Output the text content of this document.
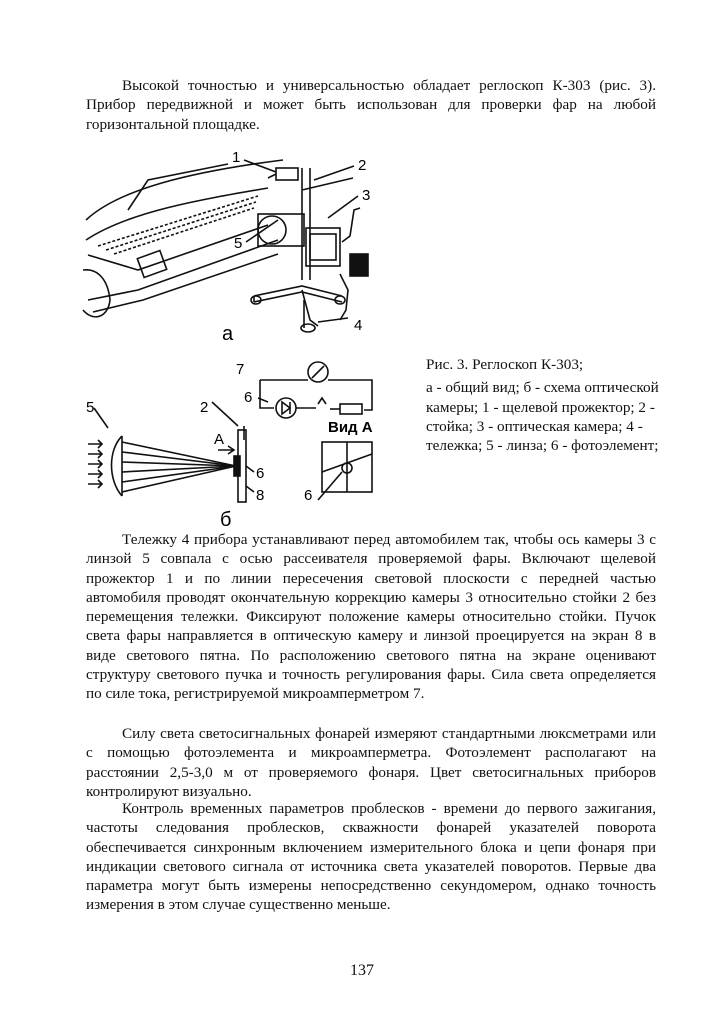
Высокой точностью и универсальностью обладает реглоскоп К-303 (рис. 3). Прибор передвижной и может быть использован для проверки фар на любой горизонтальной площадке.

1	2
3
5
4
а
7
6
5	2
А
Вид А
6
8	6
б

Рис. 3. Реглоскоп К-303;

а - общий вид; б - схема оптической камеры; 1 - щелевой прожектор; 2 - стойка; 3 - оптическая камера; 4 - тележка; 5 - линза; 6 - фотоэлемент;

Тележку 4 прибора устанавливают перед автомобилем так, чтобы ось камеры 3 с линзой 5 совпала с осью рассеивателя проверяемой фары. Включают щелевой прожектор 1 и по линии пересечения световой плоскости с передней частью автомобиля проводят окончательную коррекцию камеры 3 относительно стойки 2 без перемещения тележки. Фиксируют положение камеры относительно стойки. Пучок света фары направляется в оптическую камеру и линзой проецируется на экран 8 в виде светового пятна. По расположению светового пятна на экране оценивают структуру светового пучка и точность регулирования фары. Сила света определяется по силе тока, регистрируемой микроамперметром 7.

Силу света светосигнальных фонарей измеряют стандартными люксметрами или с помощью фотоэлемента и микроамперметра. Фотоэлемент располагают на расстоянии 2,5-3,0 м от проверяемого фонаря. Цвет светосигнальных приборов контролируют визуально.

Контроль временных параметров проблесков - времени до первого зажигания, частоты следования проблесков, скважности фонарей указателей поворота обеспечивается синхронным включением измерительного блока и цепи фонаря при индикации светового сигнала от источника света указателей поворотов. Первые два параметра могут быть измерены непосредственно секундомером, однако точность измерения в этом случае существенно меньше.

137
